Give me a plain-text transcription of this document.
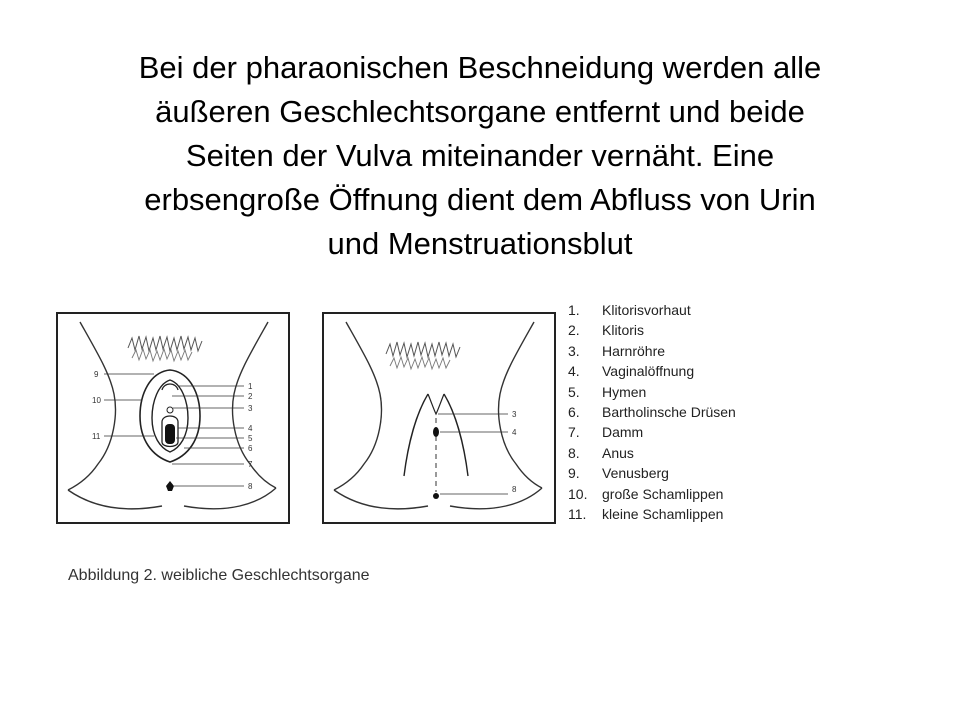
Bei der pharaonischen Beschneidung werden alle
äußeren Geschlechtsorgane entfernt und beide
Seiten der Vulva miteinander vernäht. Eine
erbsengroße Öffnung dient dem Abfluss von Urin
und Menstruationsblut
9
10
11
1
2
3
4
5
6
7
8
3
4
8
1.	Klitorisvorhaut
2.	Klitoris
3.	Harnröhre
4.	Vaginalöffnung
5.	Hymen
6.	Bartholinsche Drüsen
7.	Damm
8.	Anus
9.	Venusberg
10.	große Schamlippen
11.	kleine Schamlippen

Abbildung 2. weibliche Geschlechtsorgane
